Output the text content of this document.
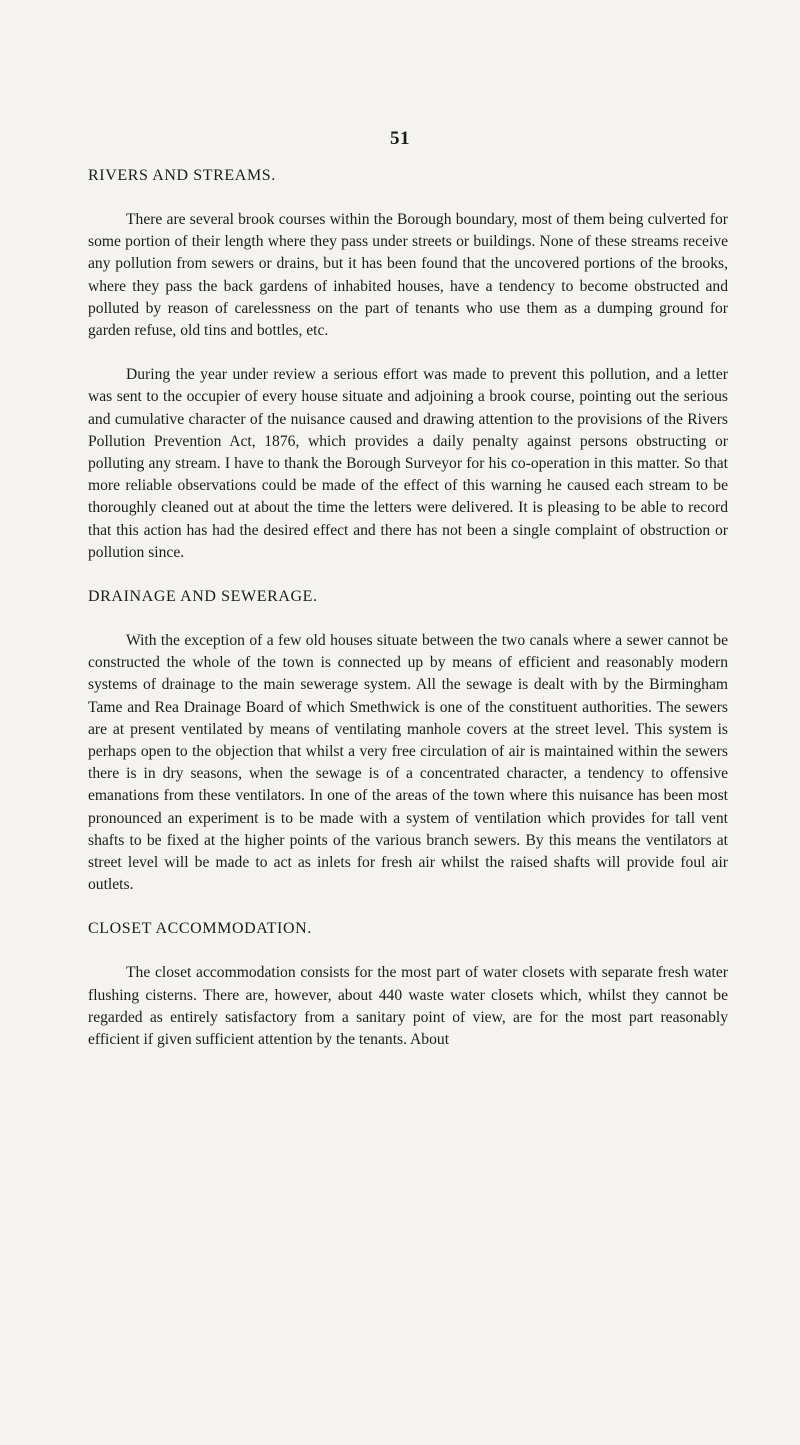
51
RIVERS AND STREAMS.

There are several brook courses within the Borough boundary, most of them being culverted for some portion of their length where they pass under streets or buildings. None of these streams receive any pollution from sewers or drains, but it has been found that the uncovered portions of the brooks, where they pass the back gardens of inhabited houses, have a tendency to become obstructed and polluted by reason of carelessness on the part of tenants who use them as a dumping ground for garden refuse, old tins and bottles, etc.

During the year under review a serious effort was made to prevent this pollution, and a letter was sent to the occupier of every house situate and adjoining a brook course, pointing out the serious and cumulative character of the nuisance caused and drawing attention to the provisions of the Rivers Pollution Prevention Act, 1876, which provides a daily penalty against persons obstructing or polluting any stream. I have to thank the Borough Surveyor for his co-operation in this matter. So that more reliable observations could be made of the effect of this warning he caused each stream to be thoroughly cleaned out at about the time the letters were delivered. It is pleasing to be able to record that this action has had the desired effect and there has not been a single complaint of obstruction or pollution since.

DRAINAGE AND SEWERAGE.

With the exception of a few old houses situate between the two canals where a sewer cannot be constructed the whole of the town is connected up by means of efficient and reasonably modern systems of drainage to the main sewerage system. All the sewage is dealt with by the Birmingham Tame and Rea Drainage Board of which Smethwick is one of the constituent authorities. The sewers are at present ventilated by means of ventilating manhole covers at the street level. This system is perhaps open to the objection that whilst a very free circulation of air is maintained within the sewers there is in dry seasons, when the sewage is of a concentrated character, a tendency to offensive emanations from these ventilators. In one of the areas of the town where this nuisance has been most pronounced an experiment is to be made with a system of ventilation which provides for tall vent shafts to be fixed at the higher points of the various branch sewers. By this means the ventilators at street level will be made to act as inlets for fresh air whilst the raised shafts will provide foul air outlets.

CLOSET ACCOMMODATION.

The closet accommodation consists for the most part of water closets with separate fresh water flushing cisterns. There are, however, about 440 waste water closets which, whilst they cannot be regarded as entirely satisfactory from a sanitary point of view, are for the most part reasonably efficient if given sufficient attention by the tenants. About
